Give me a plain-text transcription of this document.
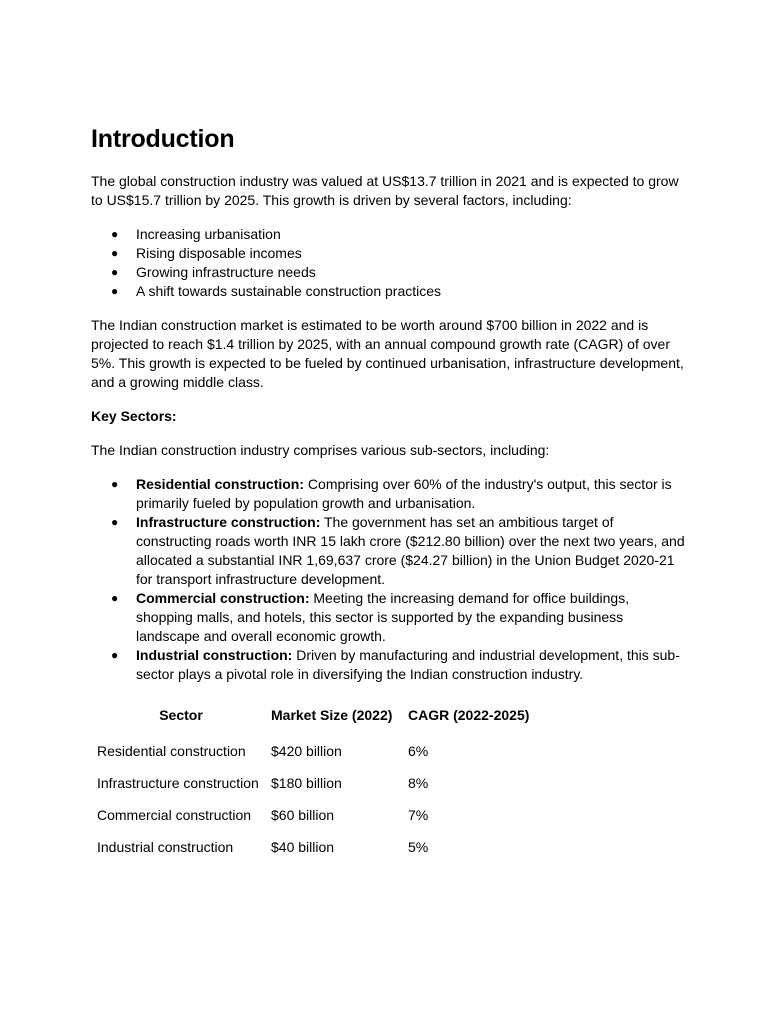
Introduction

The global construction industry was valued at US$13.7 trillion in 2021 and is expected to grow to US$15.7 trillion by 2025. This growth is driven by several factors, including:

● Increasing urbanisation
● Rising disposable incomes
● Growing infrastructure needs
● A shift towards sustainable construction practices

The Indian construction market is estimated to be worth around $700 billion in 2022 and is projected to reach $1.4 trillion by 2025, with an annual compound growth rate (CAGR) of over 5%. This growth is expected to be fueled by continued urbanisation, infrastructure development, and a growing middle class.

Key Sectors:

The Indian construction industry comprises various sub-sectors, including:

● Residential construction: Comprising over 60% of the industry's output, this sector is primarily fueled by population growth and urbanisation.
● Infrastructure construction: The government has set an ambitious target of constructing roads worth INR 15 lakh crore ($212.80 billion) over the next two years, and allocated a substantial INR 1,69,637 crore ($24.27 billion) in the Union Budget 2020-21 for transport infrastructure development.
● Commercial construction: Meeting the increasing demand for office buildings, shopping malls, and hotels, this sector is supported by the expanding business landscape and overall economic growth.
● Industrial construction: Driven by manufacturing and industrial development, this sub-sector plays a pivotal role in diversifying the Indian construction industry.
Sector	Market Size (2022)	CAGR (2022-2025)
Residential construction	$420 billion	6%
Infrastructure construction	$180 billion	8%
Commercial construction	$60 billion	7%
Industrial construction	$40 billion	5%
